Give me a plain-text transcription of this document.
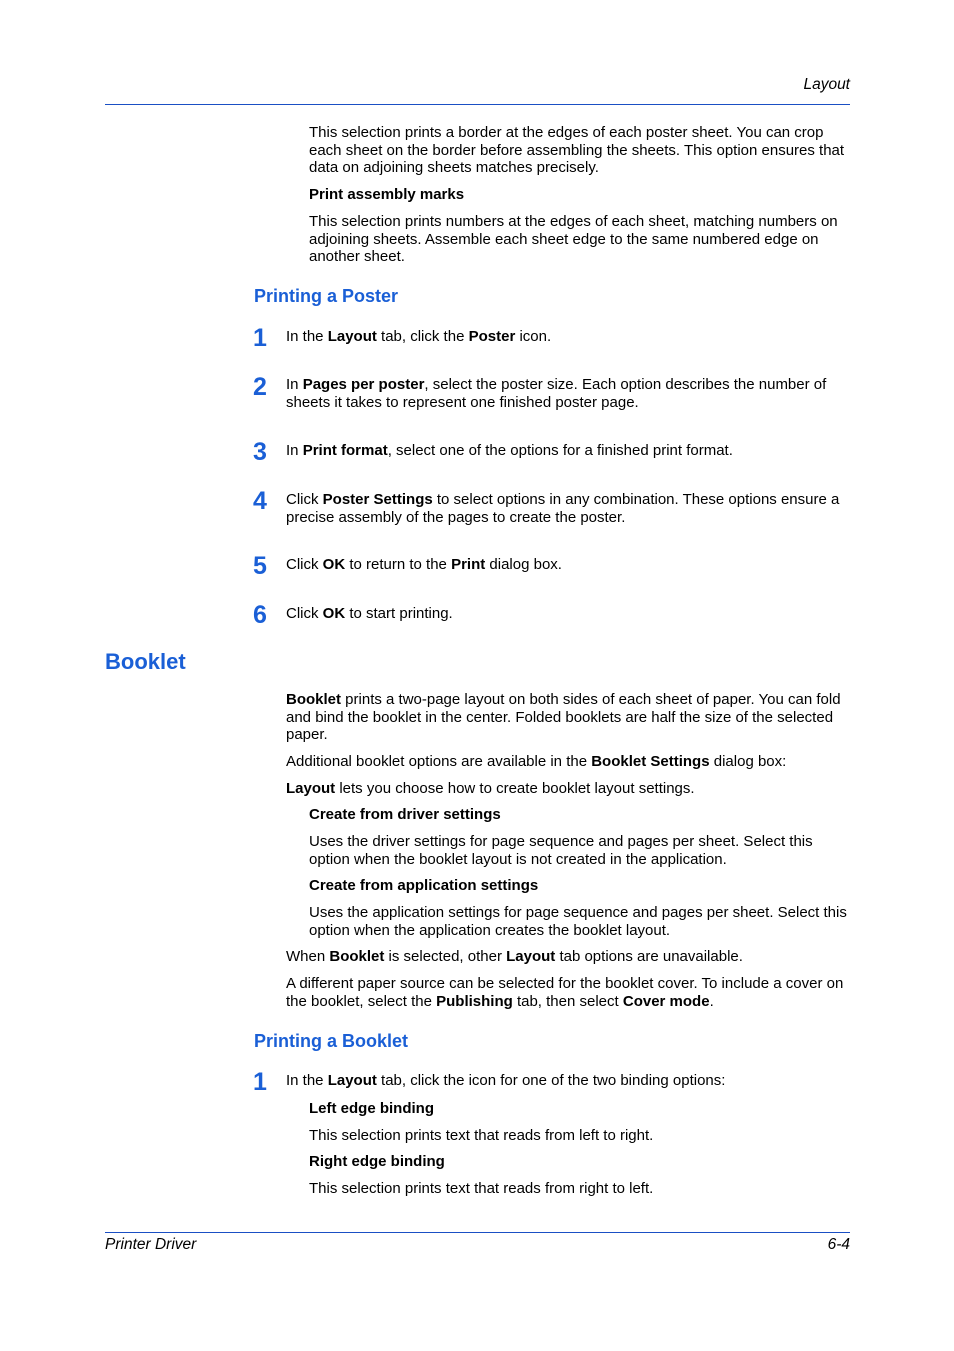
Layout

This selection prints a border at the edges of each poster sheet. You can crop each sheet on the border before assembling the sheets. This option ensures that data on adjoining sheets matches precisely.

Print assembly marks

This selection prints numbers at the edges of each sheet, matching numbers on adjoining sheets. Assemble each sheet edge to the same numbered edge on another sheet.

Printing a Poster
1	In the Layout tab, click the Poster icon.

2	In Pages per poster, select the poster size. Each option describes the number of sheets it takes to represent one finished poster page.

3	In Print format, select one of the options for a finished print format.

4	Click Poster Settings to select options in any combination. These options ensure a precise assembly of the pages to create the poster.

5	Click OK to return to the Print dialog box.

6	Click OK to start printing.

Booklet

Booklet prints a two-page layout on both sides of each sheet of paper. You can fold and bind the booklet in the center. Folded booklets are half the size of the selected paper.

Additional booklet options are available in the Booklet Settings dialog box:

Layout lets you choose how to create booklet layout settings.

Create from driver settings

Uses the driver settings for page sequence and pages per sheet. Select this option when the booklet layout is not created in the application.

Create from application settings

Uses the application settings for page sequence and pages per sheet. Select this option when the application creates the booklet layout.

When Booklet is selected, other Layout tab options are unavailable.

A different paper source can be selected for the booklet cover. To include a cover on the booklet, select the Publishing tab, then select Cover mode.

Printing a Booklet
1	In the Layout tab, click the icon for one of the two binding options:

Left edge binding

This selection prints text that reads from left to right.

Right edge binding

This selection prints text that reads from right to left.

Printer Driver	6-4
